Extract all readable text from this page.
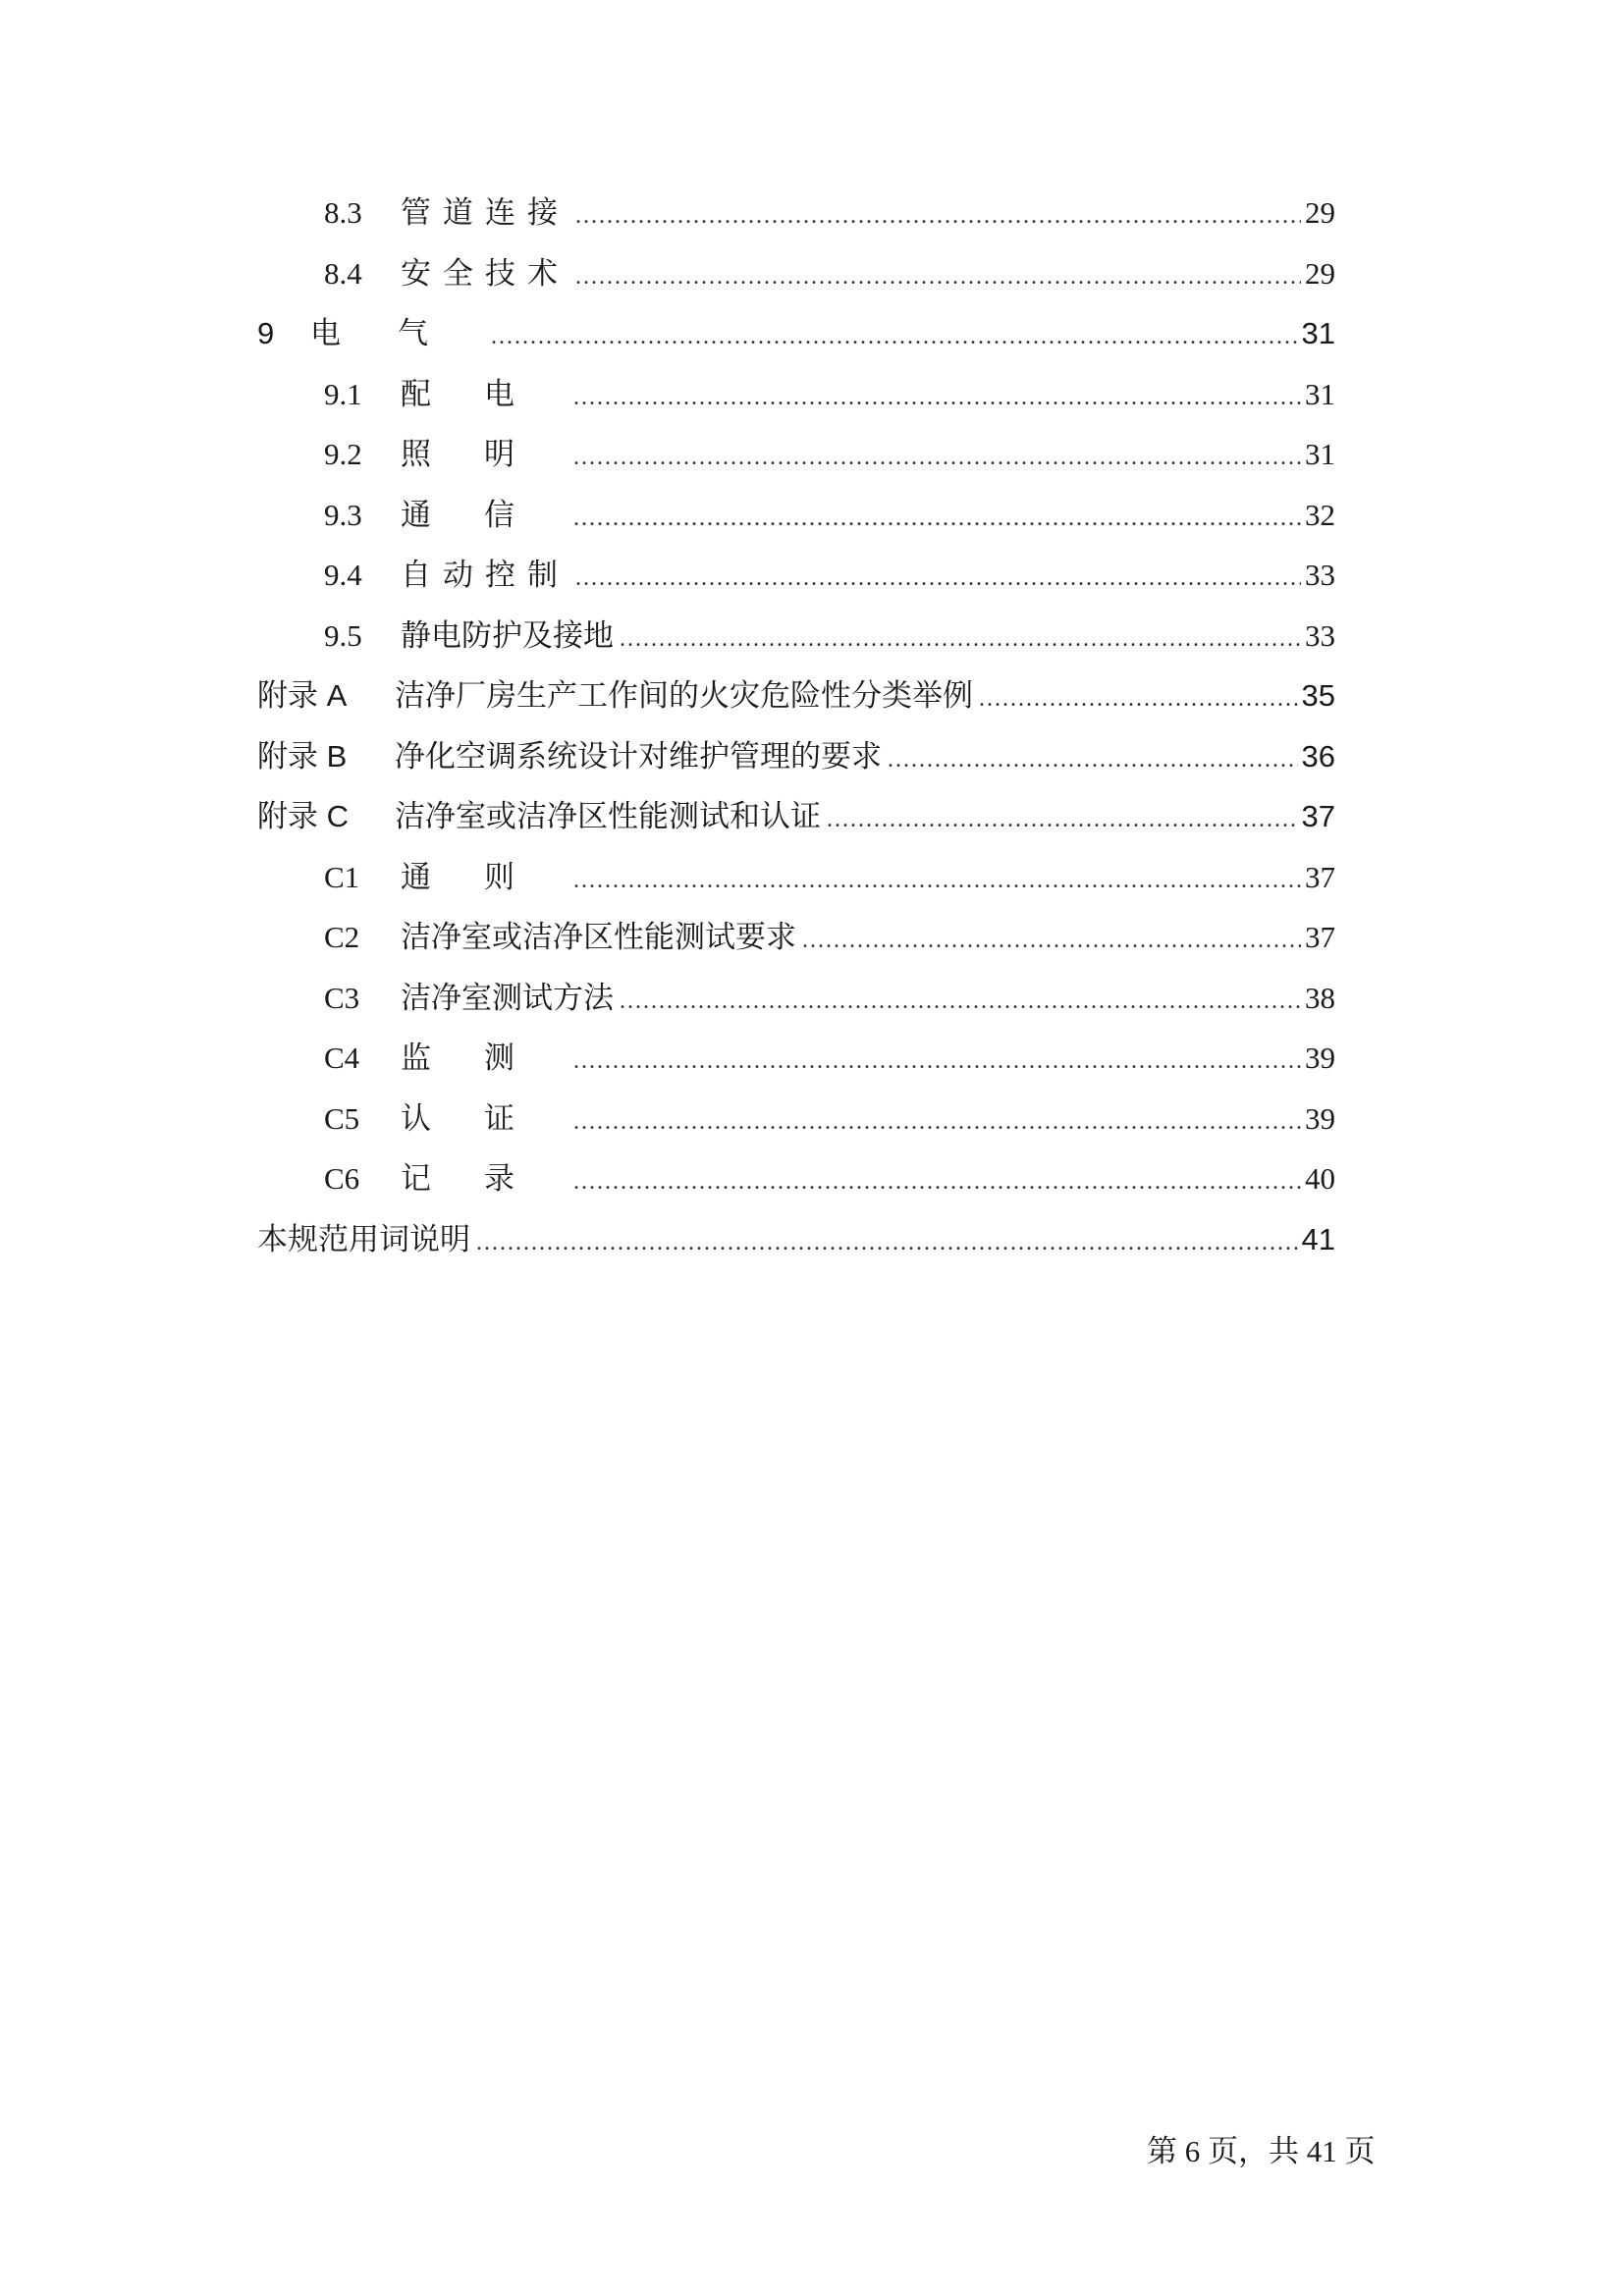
8.3	管道连接 .....	29
8.4	安全技术 .....	29
9	电气 .....	31
9.1	配电 .....	31
9.2	照明 .....	31
9.3	通信 .....	32
9.4	自动控制 .....	33
9.5	静电防护及接地 .....	33
附录 A	洁净厂房生产工作间的火灾危险性分类举例 .....	35
附录 B	净化空调系统设计对维护管理的要求 .....	36
附录 C	洁净室或洁净区性能测试和认证 .....	37
C1	通则 .....	37
C2	洁净室或洁净区性能测试要求 .....	37
C3	洁净室测试方法 .....	38
C4	监测 .....	39
C5	认证 .....	39
C6	记录 .....	40
本规范用词说明 .....	41
第 6 页，共 41 页
